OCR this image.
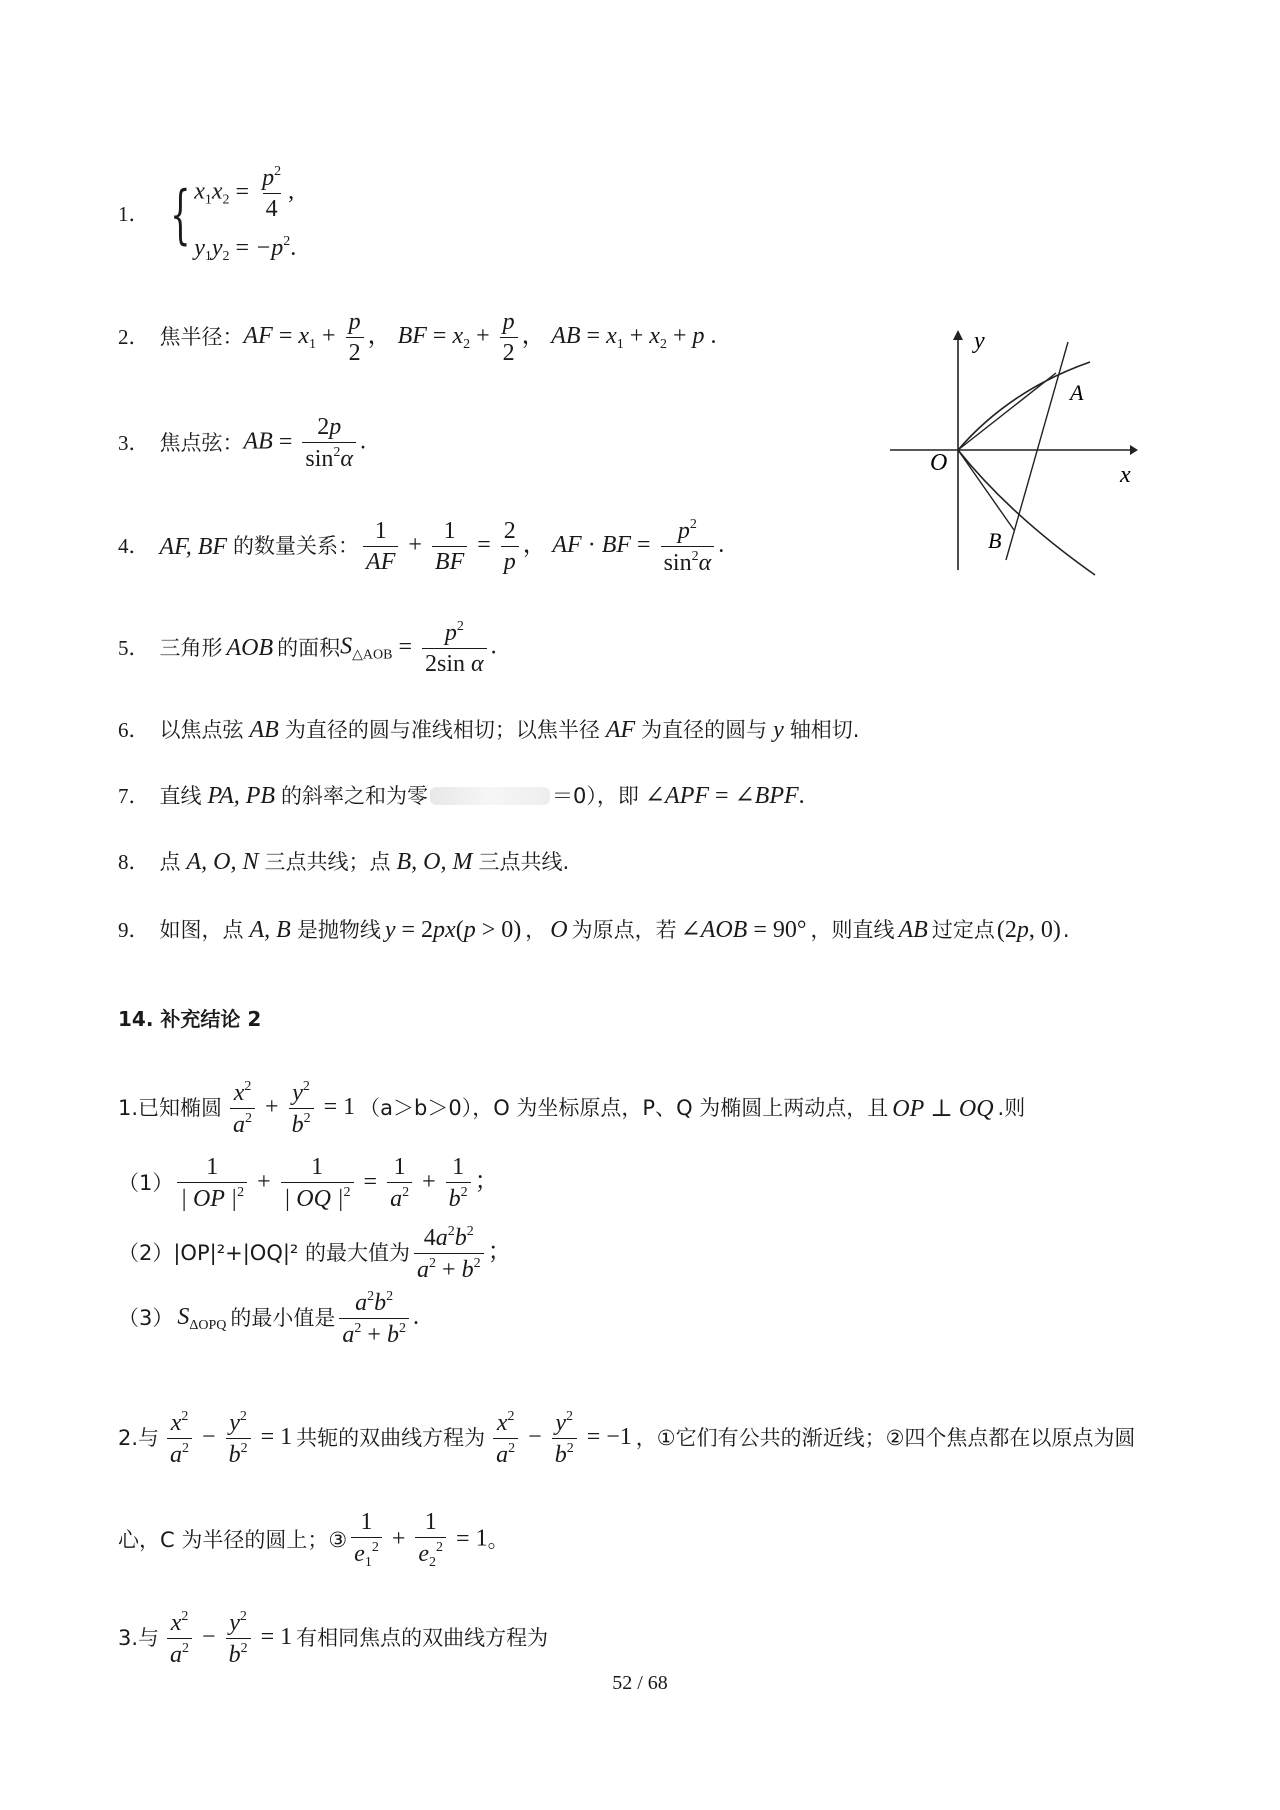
1． { $x_1x_2 = \frac{p^2}{4}$ ,
$y_1y_2 = -p^2$.
2． 焦半径： AF = $x_1 + \frac{p}{2}$ ， BF = $x_2 + \frac{p}{2}$ ， AB = $x_1 + x_2 + p$ .
3． 焦点弦： AB = $\frac{2p}{\sin^2\alpha}$ .
4． AF, BF 的数量关系： $\frac{1}{AF} + \frac{1}{BF} = \frac{2}{p}$ ， AF · BF = $\frac{p^2}{\sin^2\alpha}$ .
5． 三角形 AOB 的面积 $S_{\triangle AOB} = \frac{p^2}{\text{2sin α}}$ .
6． 以焦点弦 AB 为直径的圆与准线相切；以焦半径 AF 为直径的圆与 y 轴相切.
7． 直线 PA, PB 的斜率之和为零	＝0），即 ∠APF = ∠BPF.
8． 点 A, O, N 三点共线；点 B, O, M 三点共线.
9． 如图，点 A, B 是抛物线 y = 2px(p > 0) ， O 为原点，若 ∠AOB = 90° ，则直线 AB 过定点 (2p, 0) .
x
y
O
A
B
14. 补充结论 2
1.已知椭圆 $\frac{x^2}{a^2} + \frac{y^2}{b^2} = 1$ （a＞b＞0），O 为坐标原点，P、Q 为椭圆上两动点，且 OP ⊥ OQ .则
$(1) \frac{1}{| OP |^2} + \frac{1}{| OQ |^2} = \frac{1}{a^2} + \frac{1}{b^2}$ ；
（2）|OP|²+|OQ|² 的最大值为 $\frac{4a^2b^2}{a^2 + b^2}$ ；
（3） $S_{\Delta OPQ}$ 的最小值是 $\frac{a^2b^2}{a^2 + b^2}$ .
2.与 $\frac{x^2}{a^2} - \frac{y^2}{b^2} = 1$ 共轭的双曲线方程为 $\frac{x^2}{a^2} - \frac{y^2}{b^2} = -1$ ，①它们有公共的渐近线；②四个焦点都在以原点为圆
心，C 为半径的圆上；③ $\frac{1}{e_1^2} + \frac{1}{e_2^2} = 1$ 。
3.与 $\frac{x^2}{a^2} - \frac{y^2}{b^2} = 1$ 有相同焦点的双曲线方程为
52 / 68
